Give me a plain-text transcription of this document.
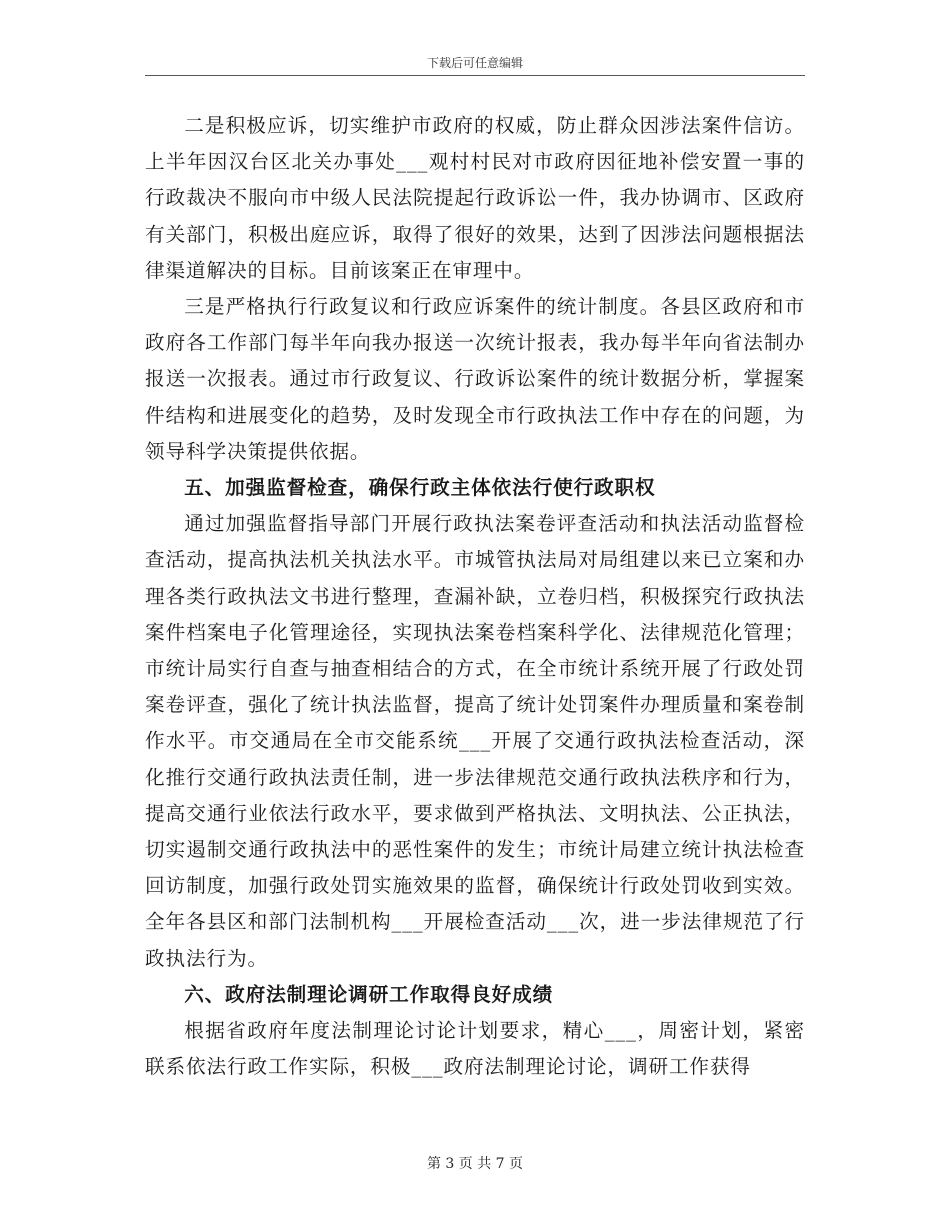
下载后可任意编辑

二是积极应诉，切实维护市政府的权威，防止群众因涉法案件信访。上半年因汉台区北关办事处___观村村民对市政府因征地补偿安置一事的行政裁决不服向市中级人民法院提起行政诉讼一件，我办协调市、区政府有关部门，积极出庭应诉，取得了很好的效果，达到了因涉法问题根据法律渠道解决的目标。目前该案正在审理中。

三是严格执行行政复议和行政应诉案件的统计制度。各县区政府和市政府各工作部门每半年向我办报送一次统计报表，我办每半年向省法制办报送一次报表。通过市行政复议、行政诉讼案件的统计数据分析，掌握案件结构和进展变化的趋势，及时发现全市行政执法工作中存在的问题，为领导科学决策提供依据。

五、加强监督检查，确保行政主体依法行使行政职权

通过加强监督指导部门开展行政执法案卷评查活动和执法活动监督检查活动，提高执法机关执法水平。市城管执法局对局组建以来已立案和办理各类行政执法文书进行整理，查漏补缺，立卷归档，积极探究行政执法案件档案电子化管理途径，实现执法案卷档案科学化、法律规范化管理；市统计局实行自查与抽查相结合的方式，在全市统计系统开展了行政处罚案卷评查，强化了统计执法监督，提高了统计处罚案件办理质量和案卷制作水平。市交通局在全市交能系统___开展了交通行政执法检查活动，深化推行交通行政执法责任制，进一步法律规范交通行政执法秩序和行为，提高交通行业依法行政水平，要求做到严格执法、文明执法、公正执法，切实遏制交通行政执法中的恶性案件的发生；市统计局建立统计执法检查回访制度，加强行政处罚实施效果的监督，确保统计行政处罚收到实效。全年各县区和部门法制机构___开展检查活动___次，进一步法律规范了行政执法行为。

六、政府法制理论调研工作取得良好成绩

根据省政府年度法制理论讨论计划要求，精心___，周密计划，紧密联系依法行政工作实际，积极___政府法制理论讨论，调研工作获得

第 3 页 共 7 页
